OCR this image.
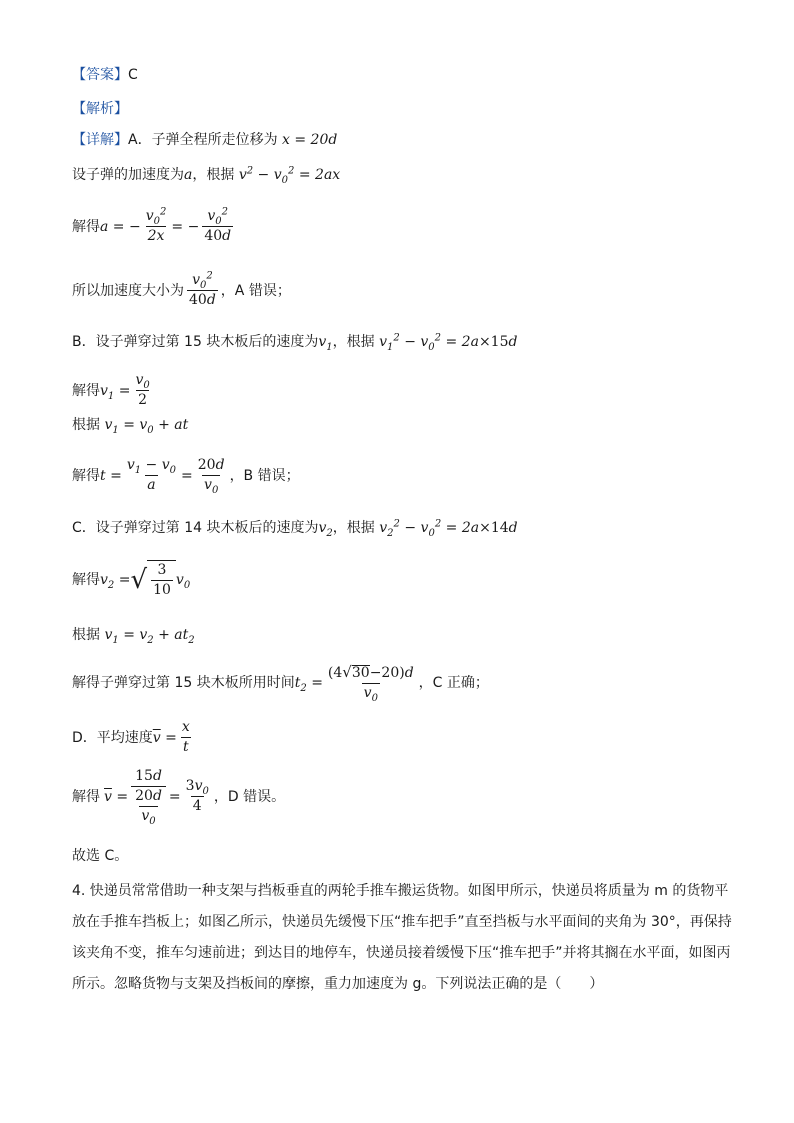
【答案】C
【解析】
【详解】A．子弹全程所走位移为 x = 20d
设子弹的加速度为a，根据 $v^2 - v_0^2 = 2ax$
解得 a = − $\frac{v_0^2}{2x}$ = − $\frac{v_0^2}{40d}$
所以加速度大小为 $\frac{v_0^2}{40d}$ ，A 错误；
B．设子弹穿过第 15 块木板后的速度为$v_1$，根据 $v_1^2 - v_0^2 = 2a\times 15d$
解得 $v_1 = \frac{v_0}{2}$
根据 $v_1 = v_0$ + at
解得 $t = \frac{v_1 - v_0}{a} = \frac{20d}{v_0}$ ，B 错误；
C．设子弹穿过第 14 块木板后的速度为$v_2$，根据 $v_2^2 - v_0^2 = 2a\times 14d$
解得 $v_2$ = √ $\frac{3}{10} v_0$
根据 $v_1 = v_2 + at_2$
解得子弹穿过第 15 块木板所用时间 $t_2 = \frac{(4 √ 30 -20)d}{v_0}$ ，C 正确；
D．平均速度 $\overline{v} = \frac{x}{t}$
解得 $\overline{v} = \frac{15d}{\frac{20d}{v_0}} = \frac{3v_0}{4}$ ，D 错误。
故选 C。
4. 快递员常常借助一种支架与挡板垂直的两轮手推车搬运货物。如图甲所示，快递员将质量为 m 的货物平放在手推车挡板上；如图乙所示，快递员先缓慢下压“推车把手”直至挡板与水平面间的夹角为 30°，再保持该夹角不变，推车匀速前进；到达目的地停车，快递员接着缓慢下压“推车把手”并将其搁在水平面，如图丙所示。忽略货物与支架及挡板间的摩擦，重力加速度为 g。下列说法正确的是（　　）
